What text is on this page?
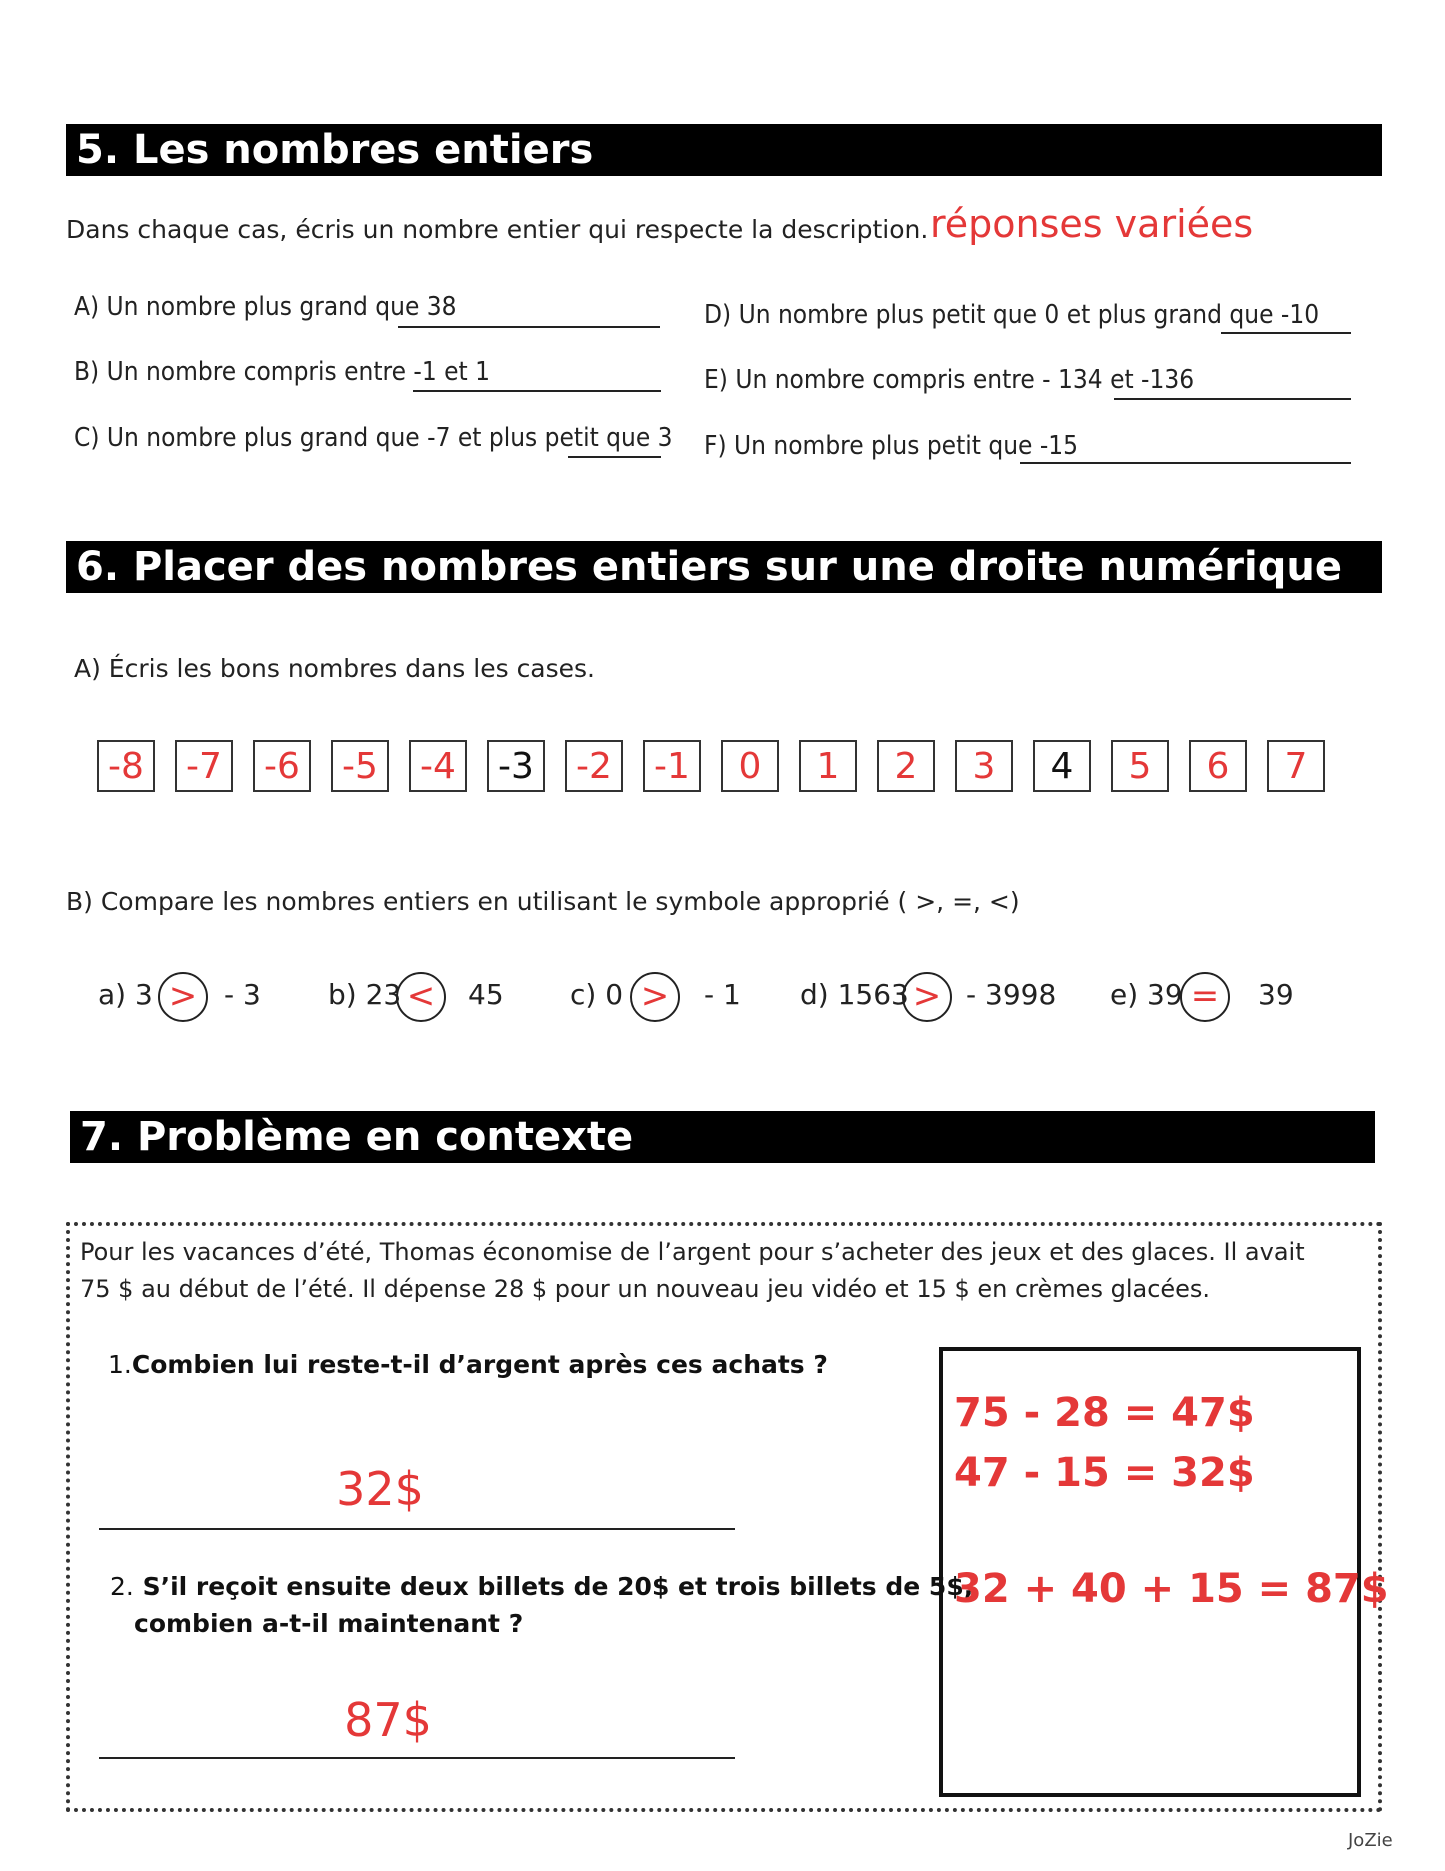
5. Les nombres entiers
Dans chaque cas, écris un nombre entier qui respecte la description. réponses variées
A) Un nombre plus grand que 38
B) Un nombre compris entre -1 et 1
C) Un nombre plus grand que -7 et plus petit que 3
D) Un nombre plus petit que 0 et plus grand que -10
E) Un nombre compris entre - 134 et -136
F) Un nombre plus petit que -15
6. Placer des nombres entiers sur une droite numérique
A) Écris les bons nombres dans les cases.
-8	-7	-6	-5	-4	-3	-2	-1	0	1	2	3	4	5	6	7
B) Compare les nombres entiers en utilisant le symbole approprié ( >, =, <)
a) 3 > - 3 b) 23 <	45 c) 0 >	- 1 d) 1563 > - 3998 e) 39 =	39
7. Problème en contexte
Pour les vacances d’été, Thomas économise de l’argent pour s’acheter des jeux et des glaces. Il avait
75 $ au début de l’été. Il dépense 28 $ pour un nouveau jeu vidéo et 15 $ en crèmes glacées.
1.Combien lui reste-t-il d’argent après ces achats ?
32$
2. S’il reçoit ensuite deux billets de 20$ et trois billets de 5$,
combien a-t-il maintenant ?
87$
75 - 28 = 47$
47 - 15 = 32$
32 + 40 + 15 = 87$
JoZie
